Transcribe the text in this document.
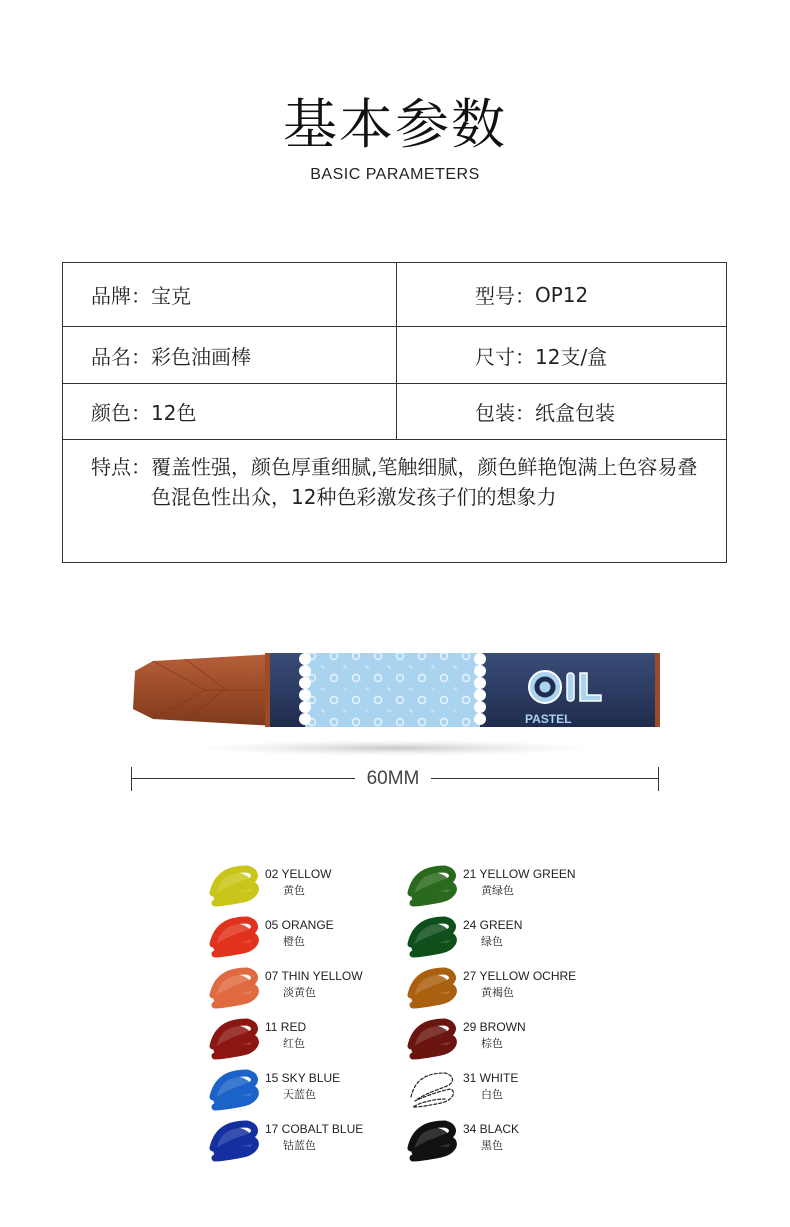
基本参数
BASIC PARAMETERS
品牌： 宝克	型号： OP12
品名： 彩色油画棒	尺寸： 12支/盒
颜色： 12色	包装： 纸盒包装
特点： 覆盖性强，颜色厚重细腻,笔触细腻，颜色鲜艳饱满上色容易叠色混色性出众，12种色彩激发孩子们的想象力
PASTEL
60MM
02 YELLOW
黄色
05 ORANGE
橙色
07 THIN YELLOW
淡黄色
11 RED
红色
15 SKY BLUE
天蓝色
17 COBALT BLUE
钴蓝色
21 YELLOW GREEN
黄绿色
24 GREEN
绿色
27 YELLOW OCHRE
黄褐色
29 BROWN
棕色
31 WHITE
白色
34 BLACK
黑色
